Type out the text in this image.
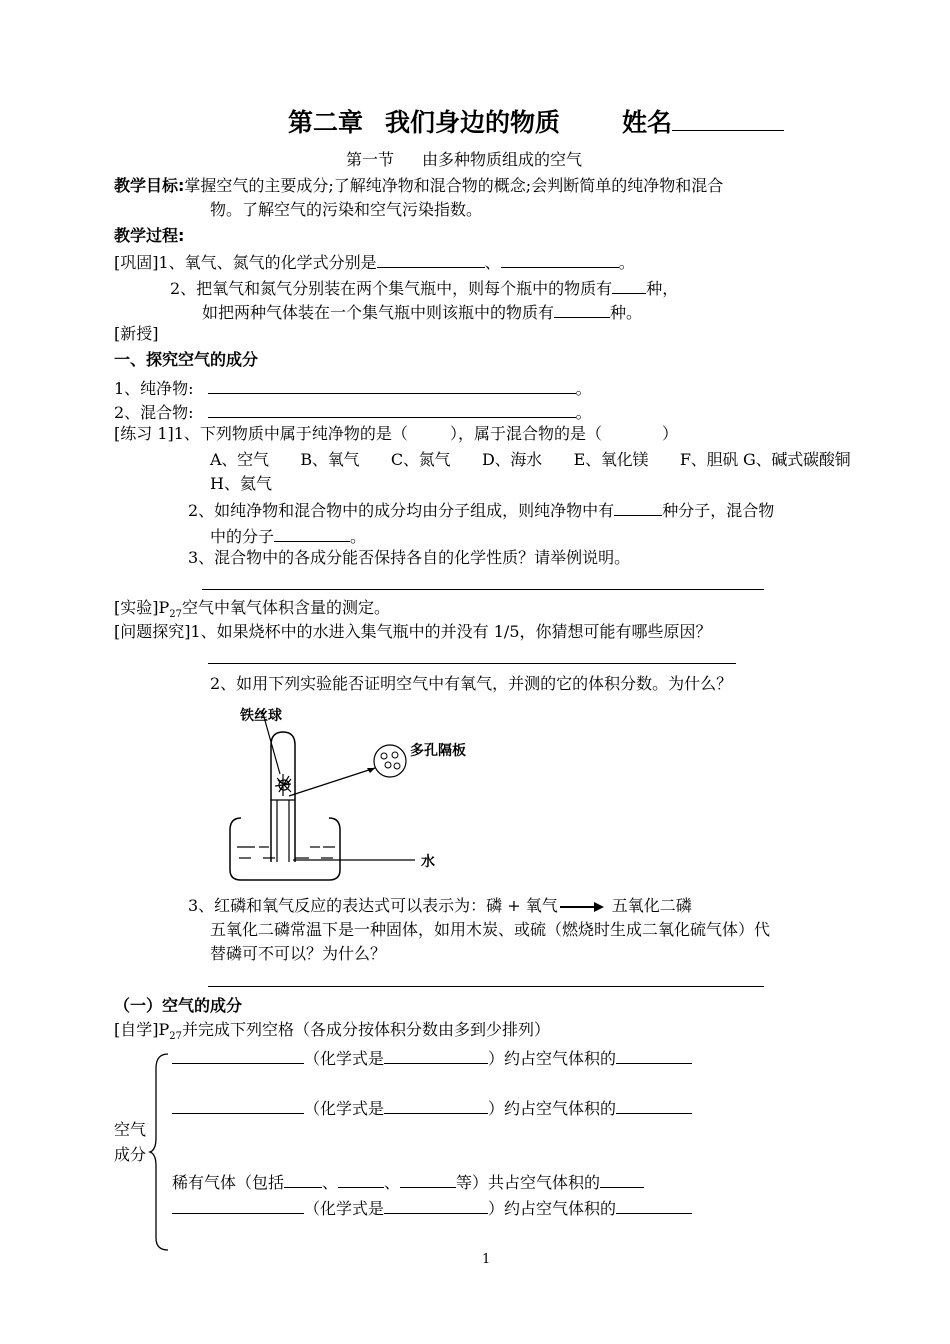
第二章 我们身边的物质 姓名
第一节 由多种物质组成的空气
教学目标:掌握空气的主要成分;了解纯净物和混合物的概念;会判断简单的纯净物和混合
物。了解空气的污染和空气污染指数。
教学过程:
[巩固]1、氧气、氮气的化学式分别是	、	。
2、把氧气和氮气分别装在两个集气瓶中，则每个瓶中的物质有 种，
如把两种气体装在一个集气瓶中则该瓶中的物质有	种。
[新授]
一、探究空气的成分
1、纯净物:	。
2、混合物:	。
[练习 1]1、下列物质中属于纯净物的是（	），属于混合物的是（	）
A、空气　　B、氧气　　C、氮气　　D、海水　　E、氧化镁　　F、胆矾 G、碱式碳酸铜
H、氦气
2、如纯净物和混合物中的成分均由分子组成，则纯净物中有	种分子，混合物
中的分子	。
3、混合物中的各成分能否保持各自的化学性质？请举例说明。
[实验]$P_{27}$空气中氧气体积含量的测定。
[问题探究]1、如果烧杯中的水进入集气瓶中的并没有 1/5，你猜想可能有哪些原因？
2、如用下列实验能否证明空气中有氧气，并测的它的体积分数。为什么？
铁丝球
多孔隔板
水
3、红磷和氧气反应的表达式可以表示为：磷 + 氧气 → 五氧化二磷
五氧化二磷常温下是一种固体，如用木炭、或硫（燃烧时生成二氧化硫气体）代
替磷可不可以？为什么？
（一）空气的成分
[自学]$P_{27}$并完成下列空格（各成分按体积分数由多到少排列）
空气
成分
（化学式是	）约占空气体积的
（化学式是	）约占空气体积的
稀有气体（包括 、	、	等）共占空气体积的
（化学式是	）约占空气体积的
1
